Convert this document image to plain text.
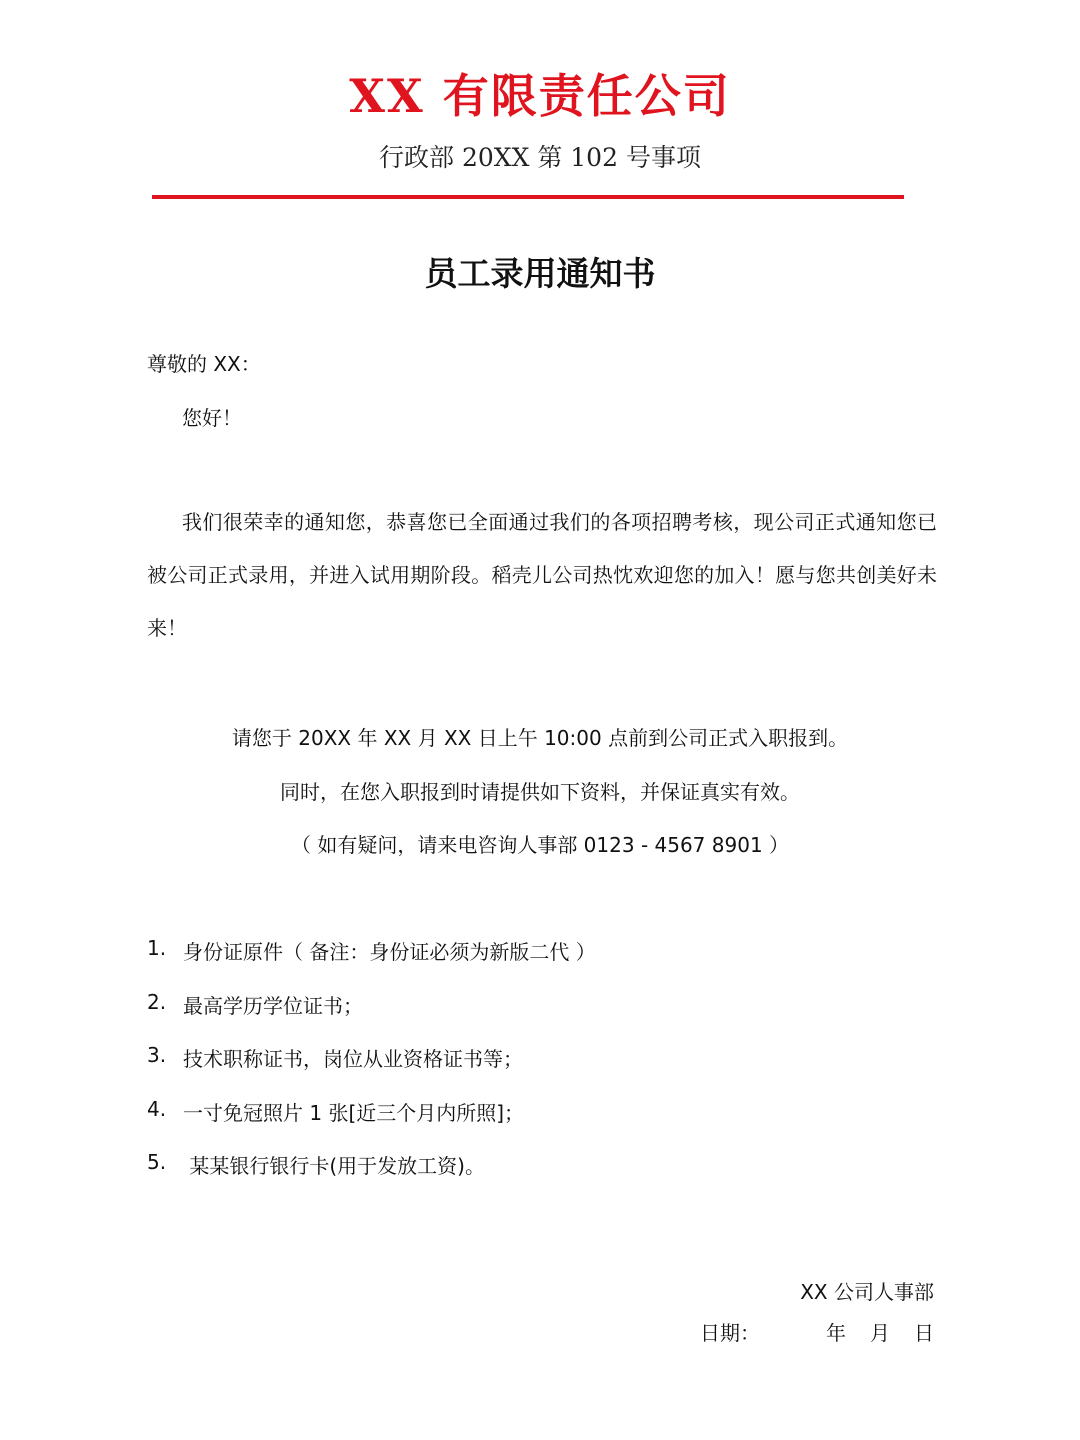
XX 有限责任公司
行政部 20XX 第 102 号事项
员工录用通知书
尊敬的 XX：
您好！
我们很荣幸的通知您，恭喜您已全面通过我们的各项招聘考核，现公司正式通知您已被公司正式录用，并进入试用期阶段。稻壳儿公司热忱欢迎您的加入！愿与您共创美好未来！
请您于 20XX 年 XX 月 XX 日上午 10:00 点前到公司正式入职报到。
同时，在您入职报到时请提供如下资料，并保证真实有效。
（ 如有疑问，请来电咨询人事部 0123 - 4567 8901 ）
1. 身份证原件（ 备注：身份证必须为新版二代 ）
2. 最高学历学位证书；
3. 技术职称证书，岗位从业资格证书等；
4. 一寸免冠照片 1 张[近三个月内所照]；
5. 某某银行银行卡(用于发放工资)。
XX 公司人事部
日期：	年 月 日
